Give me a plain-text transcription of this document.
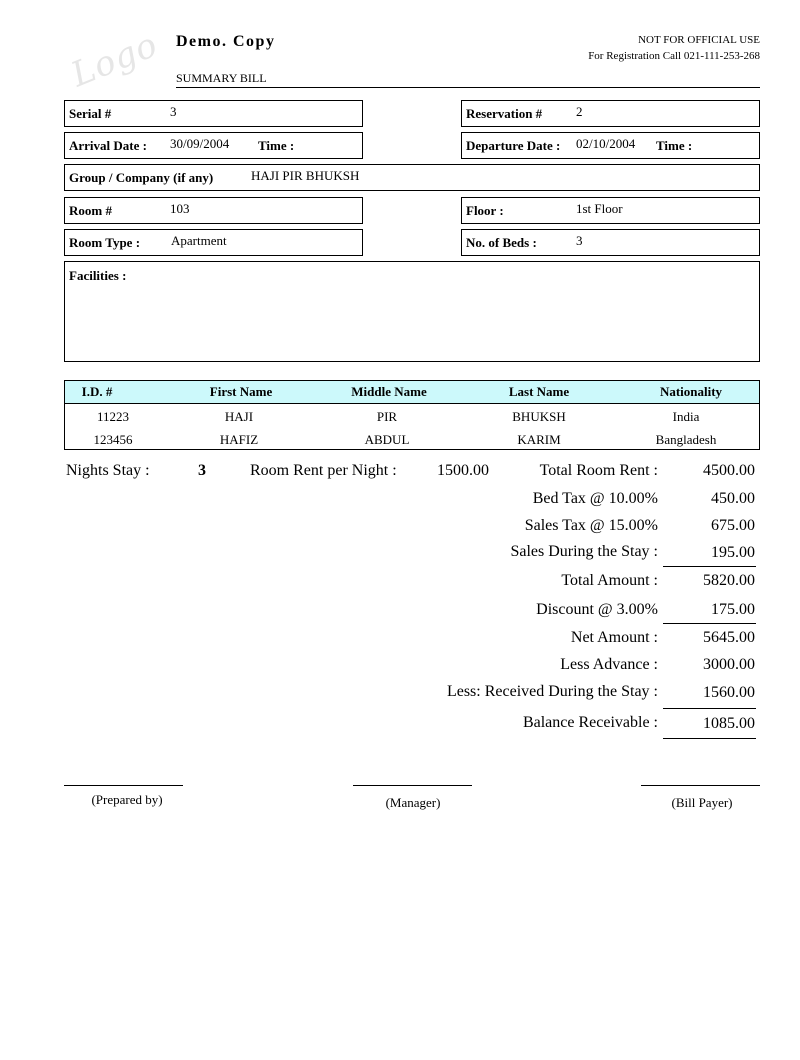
Logo Demo. Copy
SUMMARY BILL
NOT FOR OFFICIAL USE
For Registration Call 021-111-253-268
Serial #	3	Reservation #	2
Arrival Date : 30/09/2004 Time :	Departure Date : 02/10/2004 Time :
Group / Company (if any)	HAJI PIR BHUKSH
Room #	103	Floor :	1st Floor
Room Type : Apartment	No. of Beds :	3
Facilities :
I.D. #	First Name	Middle Name	Last Name	Nationality
11223	HAJI	PIR	BHUKSH	India
123456	HAFIZ	ABDUL	KARIM	Bangladesh
Nights Stay :	3	Room Rent per Night :	1500.00	Total Room Rent :	4500.00
Bed Tax @ 10.00%	450.00
Sales Tax @ 15.00%	675.00
Sales During the Stay :	195.00
Total Amount :	5820.00
Discount @ 3.00%	175.00
Net Amount :	5645.00
Less Advance :	3000.00
Less: Received During the Stay :	1560.00
Balance Receivable :	1085.00
(Prepared by)	(Manager)	(Bill Payer)
